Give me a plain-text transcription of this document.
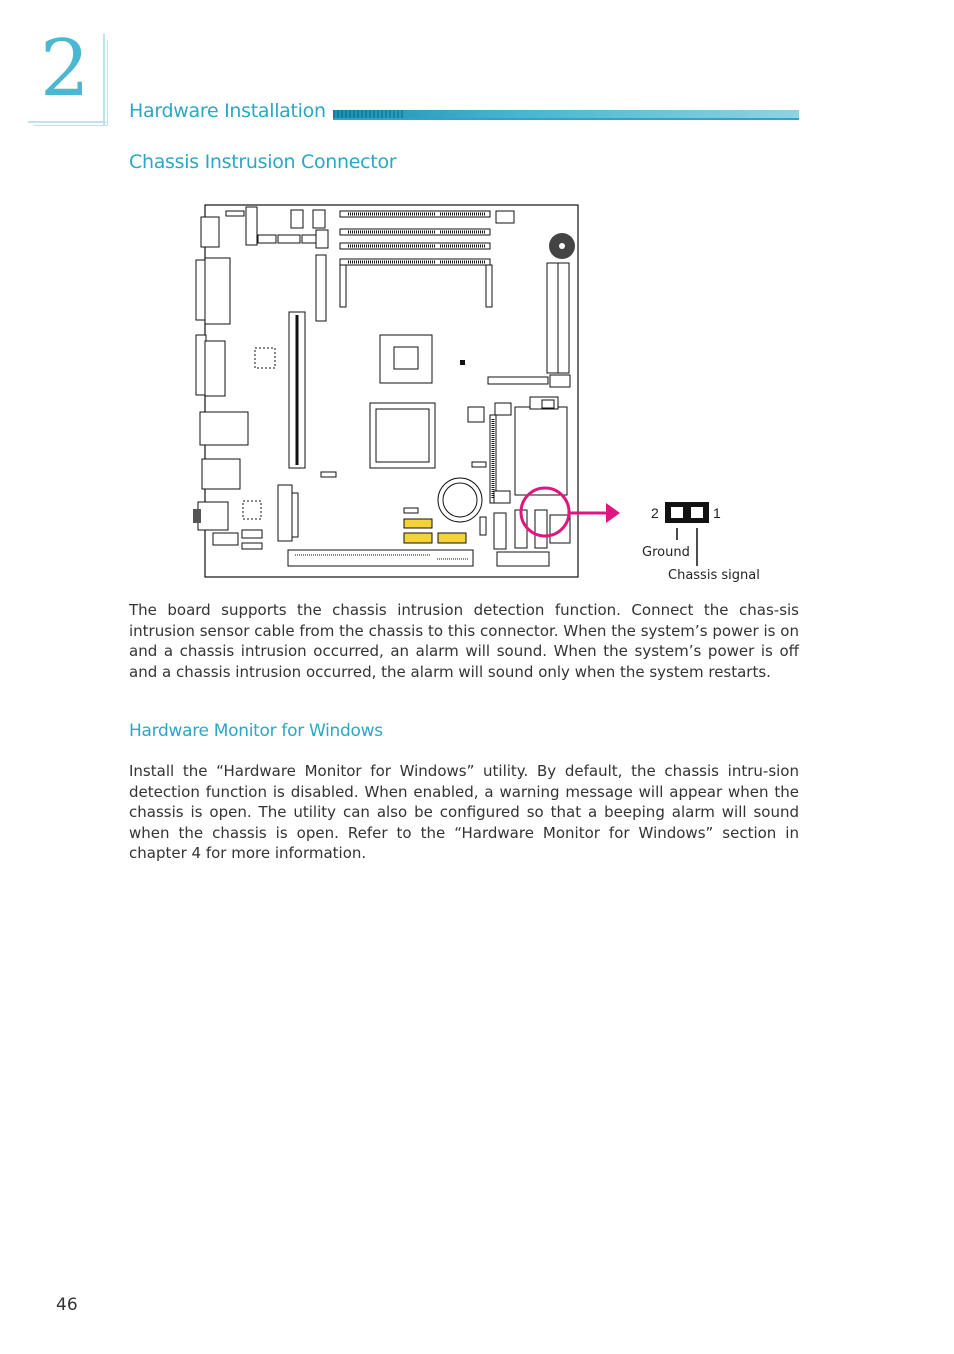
2 Hardware Installation
Chassis Instrusion Connector
2	1
Ground
Chassis signal

The board supports the chassis intrusion detection function. Connect the chas-sis intrusion sensor cable from the chassis to this connector. When the system’s power is on and a chassis intrusion occurred, an alarm will sound. When the system’s power is off and a chassis intrusion occurred, the alarm will sound only when the system restarts.

Hardware Monitor for Windows

Install the “Hardware Monitor for Windows” utility. By default, the chassis intru-sion detection function is disabled. When enabled, a warning message will appear when the chassis is open. The utility can also be configured so that a beeping alarm will sound when the chassis is open. Refer to the “Hardware Monitor for Windows” section in chapter 4 for more information.

46
